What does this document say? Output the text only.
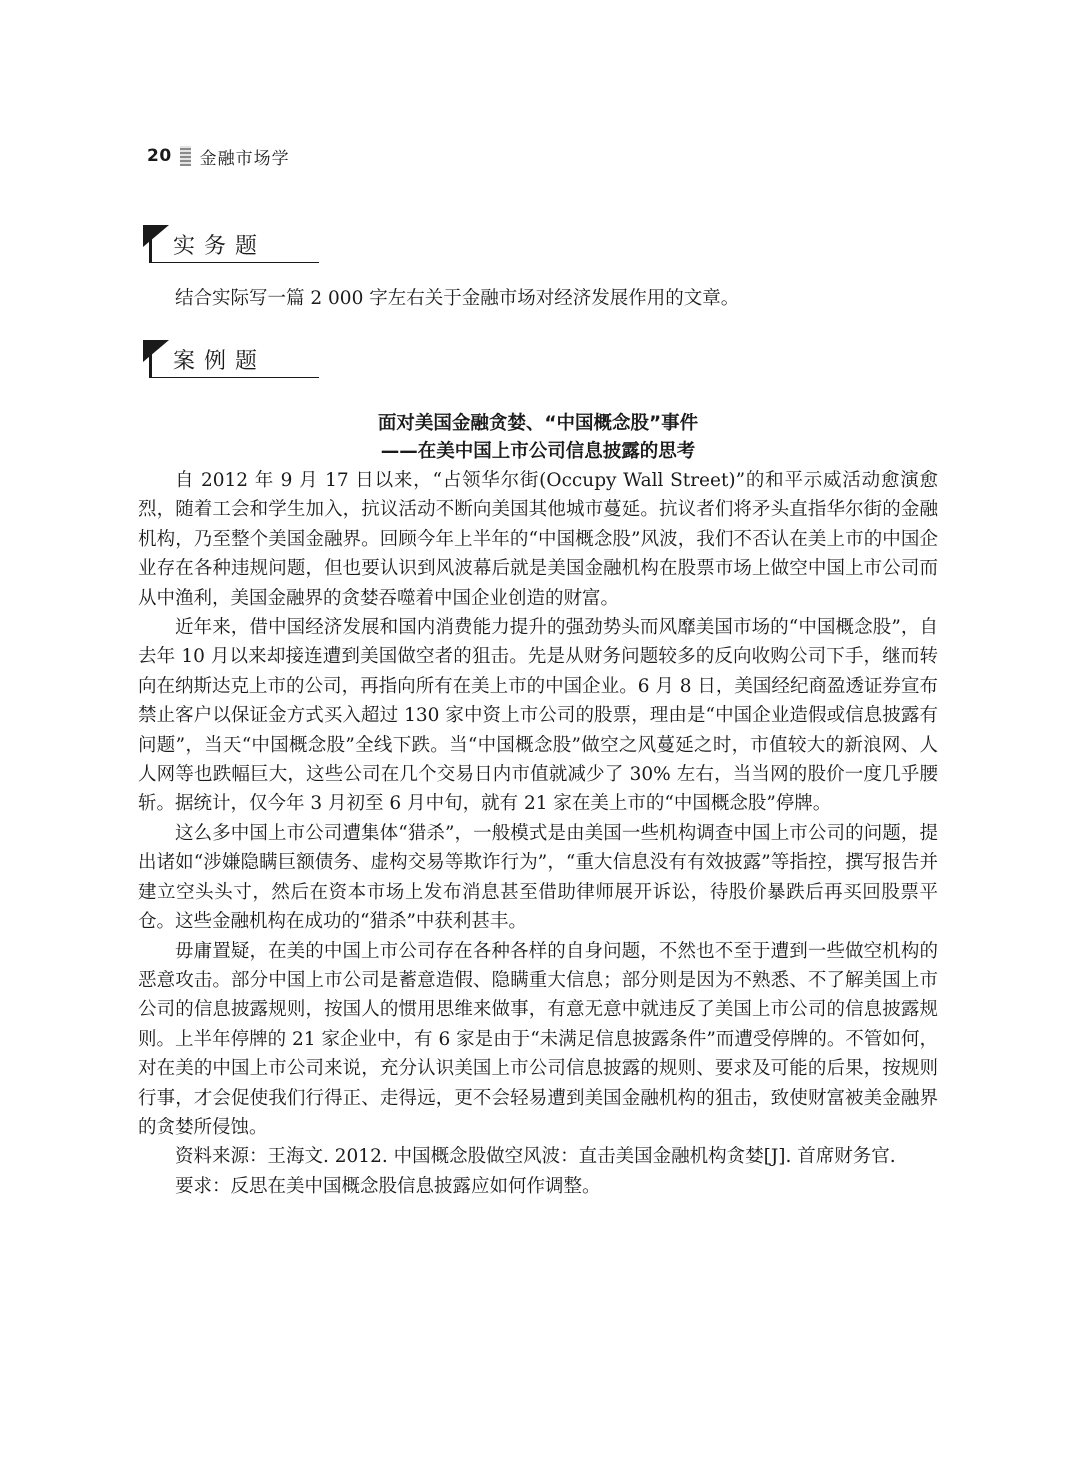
20 金融市场学
实务题

结合实际写一篇 2 000 字左右关于金融市场对经济发展作用的文章。

案例题

面对美国金融贪婪、“中国概念股”事件

——在美中国上市公司信息披露的思考

自 2012 年 9 月 17 日以来，“占领华尔街(Occupy Wall Street)”的和平示威活动愈演愈烈，随着工会和学生加入，抗议活动不断向美国其他城市蔓延。抗议者们将矛头直指华尔街的金融机构，乃至整个美国金融界。回顾今年上半年的“中国概念股”风波，我们不否认在美上市的中国企业存在各种违规问题，但也要认识到风波幕后就是美国金融机构在股票市场上做空中国上市公司而从中渔利，美国金融界的贪婪吞噬着中国企业创造的财富。

近年来，借中国经济发展和国内消费能力提升的强劲势头而风靡美国市场的“中国概念股”，自去年 10 月以来却接连遭到美国做空者的狙击。先是从财务问题较多的反向收购公司下手，继而转向在纳斯达克上市的公司，再指向所有在美上市的中国企业。6 月 8 日，美国经纪商盈透证券宣布禁止客户以保证金方式买入超过 130 家中资上市公司的股票，理由是“中国企业造假或信息披露有问题”，当天“中国概念股”全线下跌。当“中国概念股”做空之风蔓延之时，市值较大的新浪网、人人网等也跌幅巨大，这些公司在几个交易日内市值就减少了 30% 左右，当当网的股价一度几乎腰斩。据统计，仅今年 3 月初至 6 月中旬，就有 21 家在美上市的“中国概念股”停牌。

这么多中国上市公司遭集体“猎杀”，一般模式是由美国一些机构调查中国上市公司的问题，提出诸如“涉嫌隐瞒巨额债务、虚构交易等欺诈行为”，“重大信息没有有效披露”等指控，撰写报告并建立空头头寸，然后在资本市场上发布消息甚至借助律师展开诉讼，待股价暴跌后再买回股票平仓。这些金融机构在成功的“猎杀”中获利甚丰。

毋庸置疑，在美的中国上市公司存在各种各样的自身问题，不然也不至于遭到一些做空机构的恶意攻击。部分中国上市公司是蓄意造假、隐瞒重大信息；部分则是因为不熟悉、不了解美国上市公司的信息披露规则，按国人的惯用思维来做事，有意无意中就违反了美国上市公司的信息披露规则。上半年停牌的 21 家企业中，有 6 家是由于“未满足信息披露条件”而遭受停牌的。不管如何，对在美的中国上市公司来说，充分认识美国上市公司信息披露的规则、要求及可能的后果，按规则行事，才会促使我们行得正、走得远，更不会轻易遭到美国金融机构的狙击，致使财富被美金融界的贪婪所侵蚀。

资料来源：王海文. 2012. 中国概念股做空风波：直击美国金融机构贪婪[J]. 首席财务官.

要求：反思在美中国概念股信息披露应如何作调整。
